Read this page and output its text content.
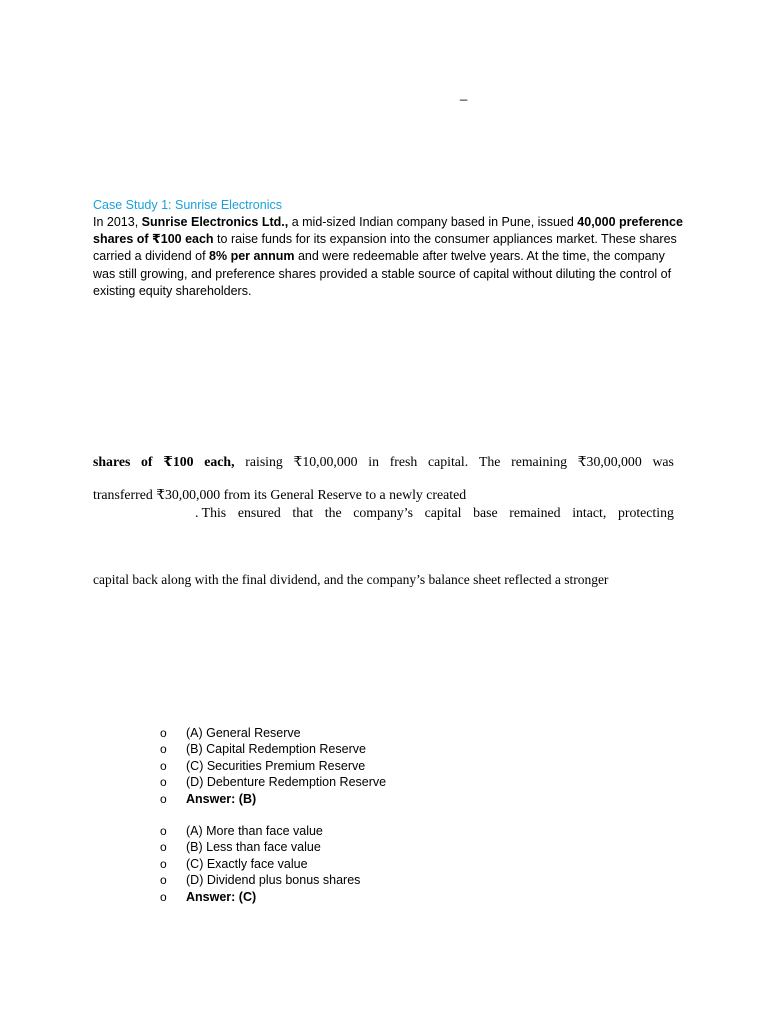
_
Case Study 1: Sunrise Electronics

In 2013, Sunrise Electronics Ltd., a mid-sized Indian company based in Pune, issued 40,000 preference shares of ₹100 each to raise funds for its expansion into the consumer appliances market. These shares carried a dividend of 8% per annum and were redeemable after twelve years. At the time, the company was still growing, and preference shares provided a stable source of capital without diluting the control of existing equity shareholders.

shares of ₹100 each, raising ₹10,00,000 in fresh capital. The remaining ₹30,00,000 was
transferred ₹30,00,000 from its General Reserve to a newly created
. This ensured that the company’s capital base remained intact, protecting
capital back along with the final dividend, and the company’s balance sheet reflected a stronger
o	(A) General Reserve
o	(B) Capital Redemption Reserve
o	(C) Securities Premium Reserve
o	(D) Debenture Redemption Reserve
o	Answer: (B)
o	(A) More than face value
o	(B) Less than face value
o	(C) Exactly face value
o	(D) Dividend plus bonus shares
o	Answer: (C)
